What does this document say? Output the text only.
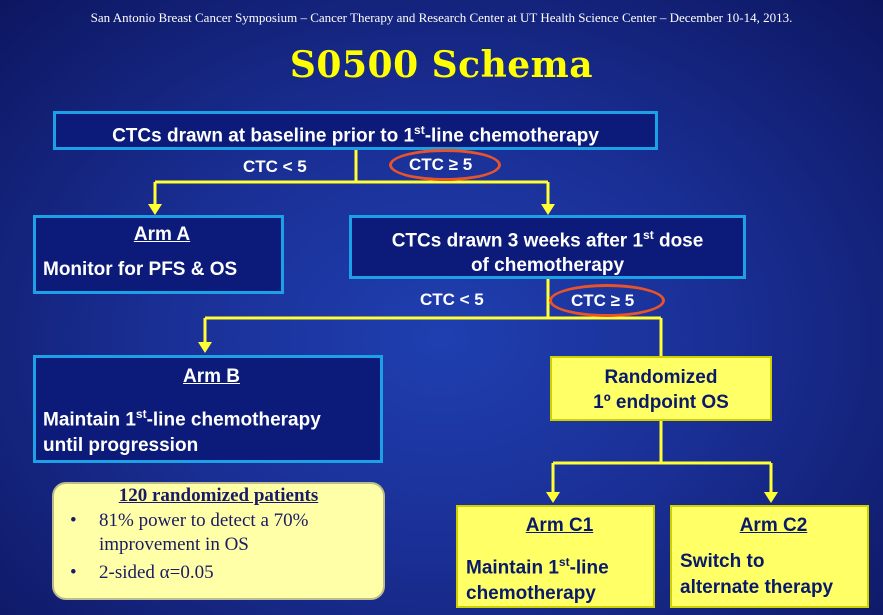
San Antonio Breast Cancer Symposium – Cancer Therapy and Research Center at UT Health Science Center – December 10-14, 2013.
S0500 Schema
CTCs drawn at baseline prior to 1st-line chemotherapy
CTC < 5	CTC ≥ 5
Arm A
Monitor for PFS & OS
CTCs drawn 3 weeks after 1st dose
of chemotherapy
CTC < 5	CTC ≥ 5
Arm B
Maintain 1st-line chemotherapy
until progression
Randomized
1º endpoint OS
Arm C1
Maintain 1st-line
chemotherapy
Arm C2
Switch to
alternate therapy
120 randomized patients
• 81% power to detect a 70% improvement in OS
• 2-sided α=0.05
